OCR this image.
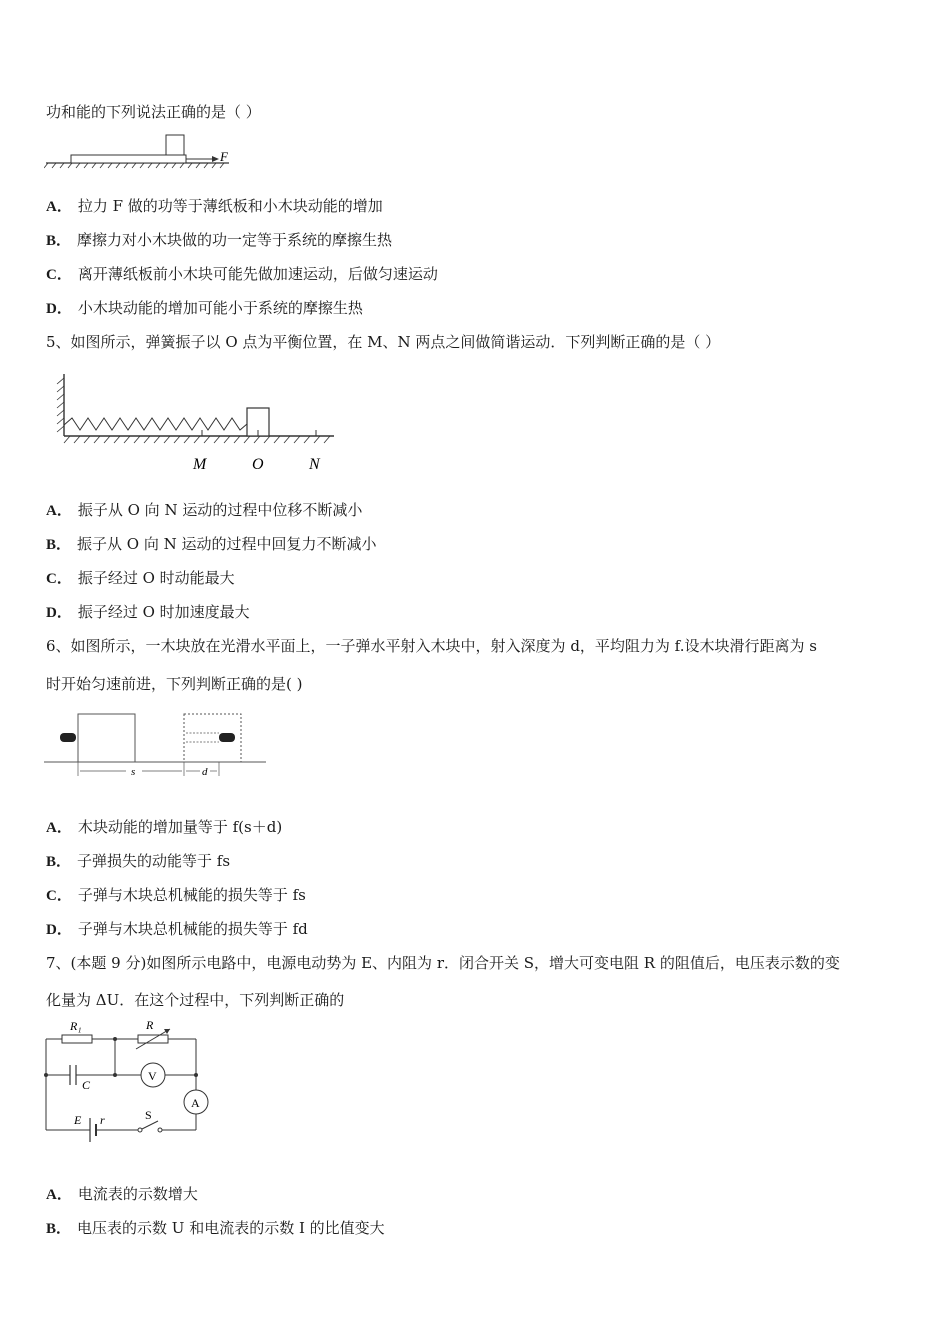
功和能的下列说法正确的是（ ）
F
A． 拉力 F 做的功等于薄纸板和小木块动能的增加
B． 摩擦力对小木块做的功一定等于系统的摩擦生热
C． 离开薄纸板前小木块可能先做加速运动，后做匀速运动
D． 小木块动能的增加可能小于系统的摩擦生热
5、如图所示，弹簧振子以 O 点为平衡位置，在 M、N 两点之间做简谐运动．下列判断正确的是（ ）
M	O	N
A． 振子从 O 向 N 运动的过程中位移不断减小
B． 振子从 O 向 N 运动的过程中回复力不断减小
C． 振子经过 O 时动能最大
D． 振子经过 O 时加速度最大
6、如图所示，一木块放在光滑水平面上，一子弹水平射入木块中，射入深度为 d，平均阻力为 f.设木块滑行距离为 s
时开始匀速前进，下列判断正确的是( )
s	d
A． 木块动能的增加量等于 f(s＋d)
B． 子弹损失的动能等于 fs
C． 子弹与木块总机械能的损失等于 fs
D． 子弹与木块总机械能的损失等于 fd
7、(本题 9 分)如图所示电路中，电源电动势为 E、内阻为 r．闭合开关 S，增大可变电阻 R 的阻值后，电压表示数的变
化量为 ΔU．在这个过程中，下列判断正确的
R₁	R
C
V
A
E r	S
A． 电流表的示数增大
B． 电压表的示数 U 和电流表的示数 I 的比值变大
